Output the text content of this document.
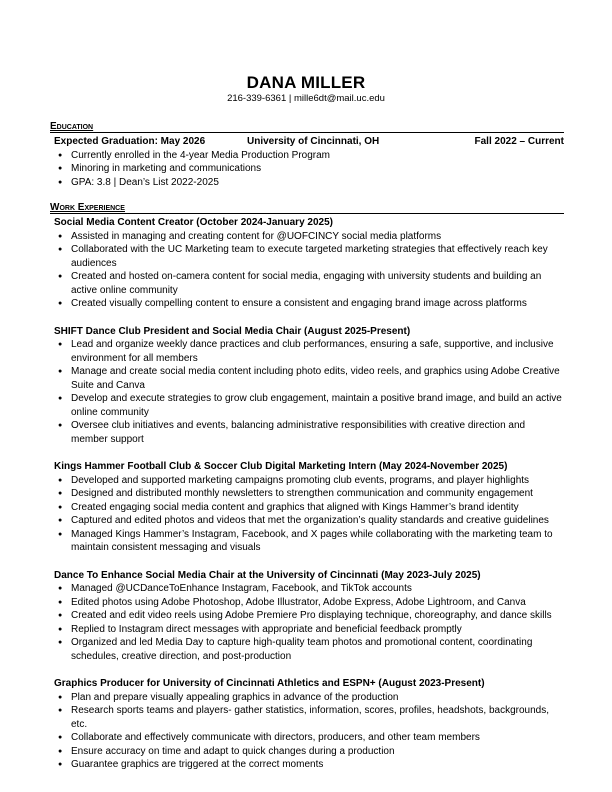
DANA MILLER
216-339-6361 | mille6dt@mail.uc.edu
Education
Expected Graduation: May 2026	University of Cincinnati, OH	Fall 2022 – Current
● Currently enrolled in the 4-year Media Production Program
● Minoring in marketing and communications
● GPA: 3.8 | Dean’s List 2022-2025
Work Experience
Social Media Content Creator (October 2024-January 2025)
● Assisted in managing and creating content for @UOFCINCY social media platforms
● Collaborated with the UC Marketing team to execute targeted marketing strategies that effectively reach key audiences
● Created and hosted on-camera content for social media, engaging with university students and building an active online community
● Created visually compelling content to ensure a consistent and engaging brand image across platforms
SHIFT Dance Club President and Social Media Chair (August 2025-Present)
● Lead and organize weekly dance practices and club performances, ensuring a safe, supportive, and inclusive environment for all members
● Manage and create social media content including photo edits, video reels, and graphics using Adobe Creative Suite and Canva
● Develop and execute strategies to grow club engagement, maintain a positive brand image, and build an active online community
● Oversee club initiatives and events, balancing administrative responsibilities with creative direction and member support
Kings Hammer Football Club & Soccer Club Digital Marketing Intern (May 2024-November 2025)
● Developed and supported marketing campaigns promoting club events, programs, and player highlights
● Designed and distributed monthly newsletters to strengthen communication and community engagement
● Created engaging social media content and graphics that aligned with Kings Hammer’s brand identity
● Captured and edited photos and videos that met the organization’s quality standards and creative guidelines
● Managed Kings Hammer’s Instagram, Facebook, and X pages while collaborating with the marketing team to maintain consistent messaging and visuals
Dance To Enhance Social Media Chair at the University of Cincinnati (May 2023-July 2025)
● Managed @UCDanceToEnhance Instagram, Facebook, and TikTok accounts
● Edited photos using Adobe Photoshop, Adobe Illustrator, Adobe Express, Adobe Lightroom, and Canva
● Created and edit video reels using Adobe Premiere Pro displaying technique, choreography, and dance skills
● Replied to Instagram direct messages with appropriate and beneficial feedback promptly
● Organized and led Media Day to capture high-quality team photos and promotional content, coordinating schedules, creative direction, and post-production
Graphics Producer for University of Cincinnati Athletics and ESPN+ (August 2023-Present)
● Plan and prepare visually appealing graphics in advance of the production
● Research sports teams and players- gather statistics, information, scores, profiles, headshots, backgrounds, etc.
● Collaborate and effectively communicate with directors, producers, and other team members
● Ensure accuracy on time and adapt to quick changes during a production
● Guarantee graphics are triggered at the correct moments
